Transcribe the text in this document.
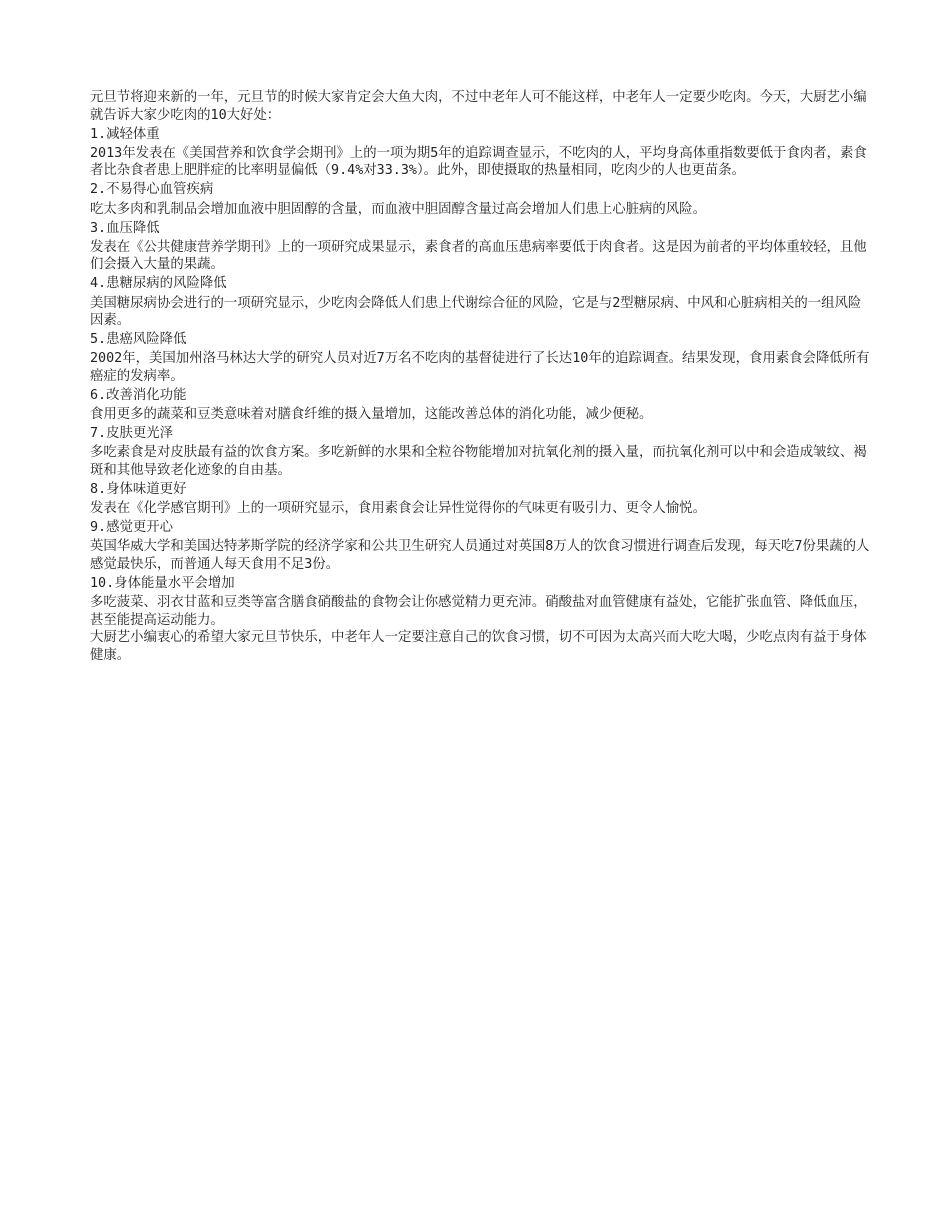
元旦节将迎来新的一年，元旦节的时候大家肯定会大鱼大肉，不过中老年人可不能这样，中老年人一定要少吃肉。今天，大厨艺小编就告诉大家少吃肉的10大好处：

1.减轻体重

2013年发表在《美国营养和饮食学会期刊》上的一项为期5年的追踪调查显示，不吃肉的人，平均身高体重指数要低于食肉者，素食者比杂食者患上肥胖症的比率明显偏低（9.4%对33.3%）。此外，即使摄取的热量相同，吃肉少的人也更苗条。

2.不易得心血管疾病

吃太多肉和乳制品会增加血液中胆固醇的含量，而血液中胆固醇含量过高会增加人们患上心脏病的风险。

3.血压降低

发表在《公共健康营养学期刊》上的一项研究成果显示，素食者的高血压患病率要低于肉食者。这是因为前者的平均体重较轻，且他们会摄入大量的果蔬。

4.患糖尿病的风险降低

美国糖尿病协会进行的一项研究显示，少吃肉会降低人们患上代谢综合征的风险，它是与2型糖尿病、中风和心脏病相关的一组风险因素。

5.患癌风险降低

2002年，美国加州洛马林达大学的研究人员对近7万名不吃肉的基督徒进行了长达10年的追踪调查。结果发现，食用素食会降低所有癌症的发病率。

6.改善消化功能

食用更多的蔬菜和豆类意味着对膳食纤维的摄入量增加，这能改善总体的消化功能，减少便秘。

7.皮肤更光泽

多吃素食是对皮肤最有益的饮食方案。多吃新鲜的水果和全粒谷物能增加对抗氧化剂的摄入量，而抗氧化剂可以中和会造成皱纹、褐斑和其他导致老化迹象的自由基。

8.身体味道更好

发表在《化学感官期刊》上的一项研究显示，食用素食会让异性觉得你的气味更有吸引力、更令人愉悦。

9.感觉更开心

英国华威大学和美国达特茅斯学院的经济学家和公共卫生研究人员通过对英国8万人的饮食习惯进行调查后发现，每天吃7份果蔬的人感觉最快乐，而普通人每天食用不足3份。

10.身体能量水平会增加

多吃菠菜、羽衣甘蓝和豆类等富含膳食硝酸盐的食物会让你感觉精力更充沛。硝酸盐对血管健康有益处，它能扩张血管、降低血压，甚至能提高运动能力。

大厨艺小编衷心的希望大家元旦节快乐，中老年人一定要注意自己的饮食习惯，切不可因为太高兴而大吃大喝，少吃点肉有益于身体健康。
